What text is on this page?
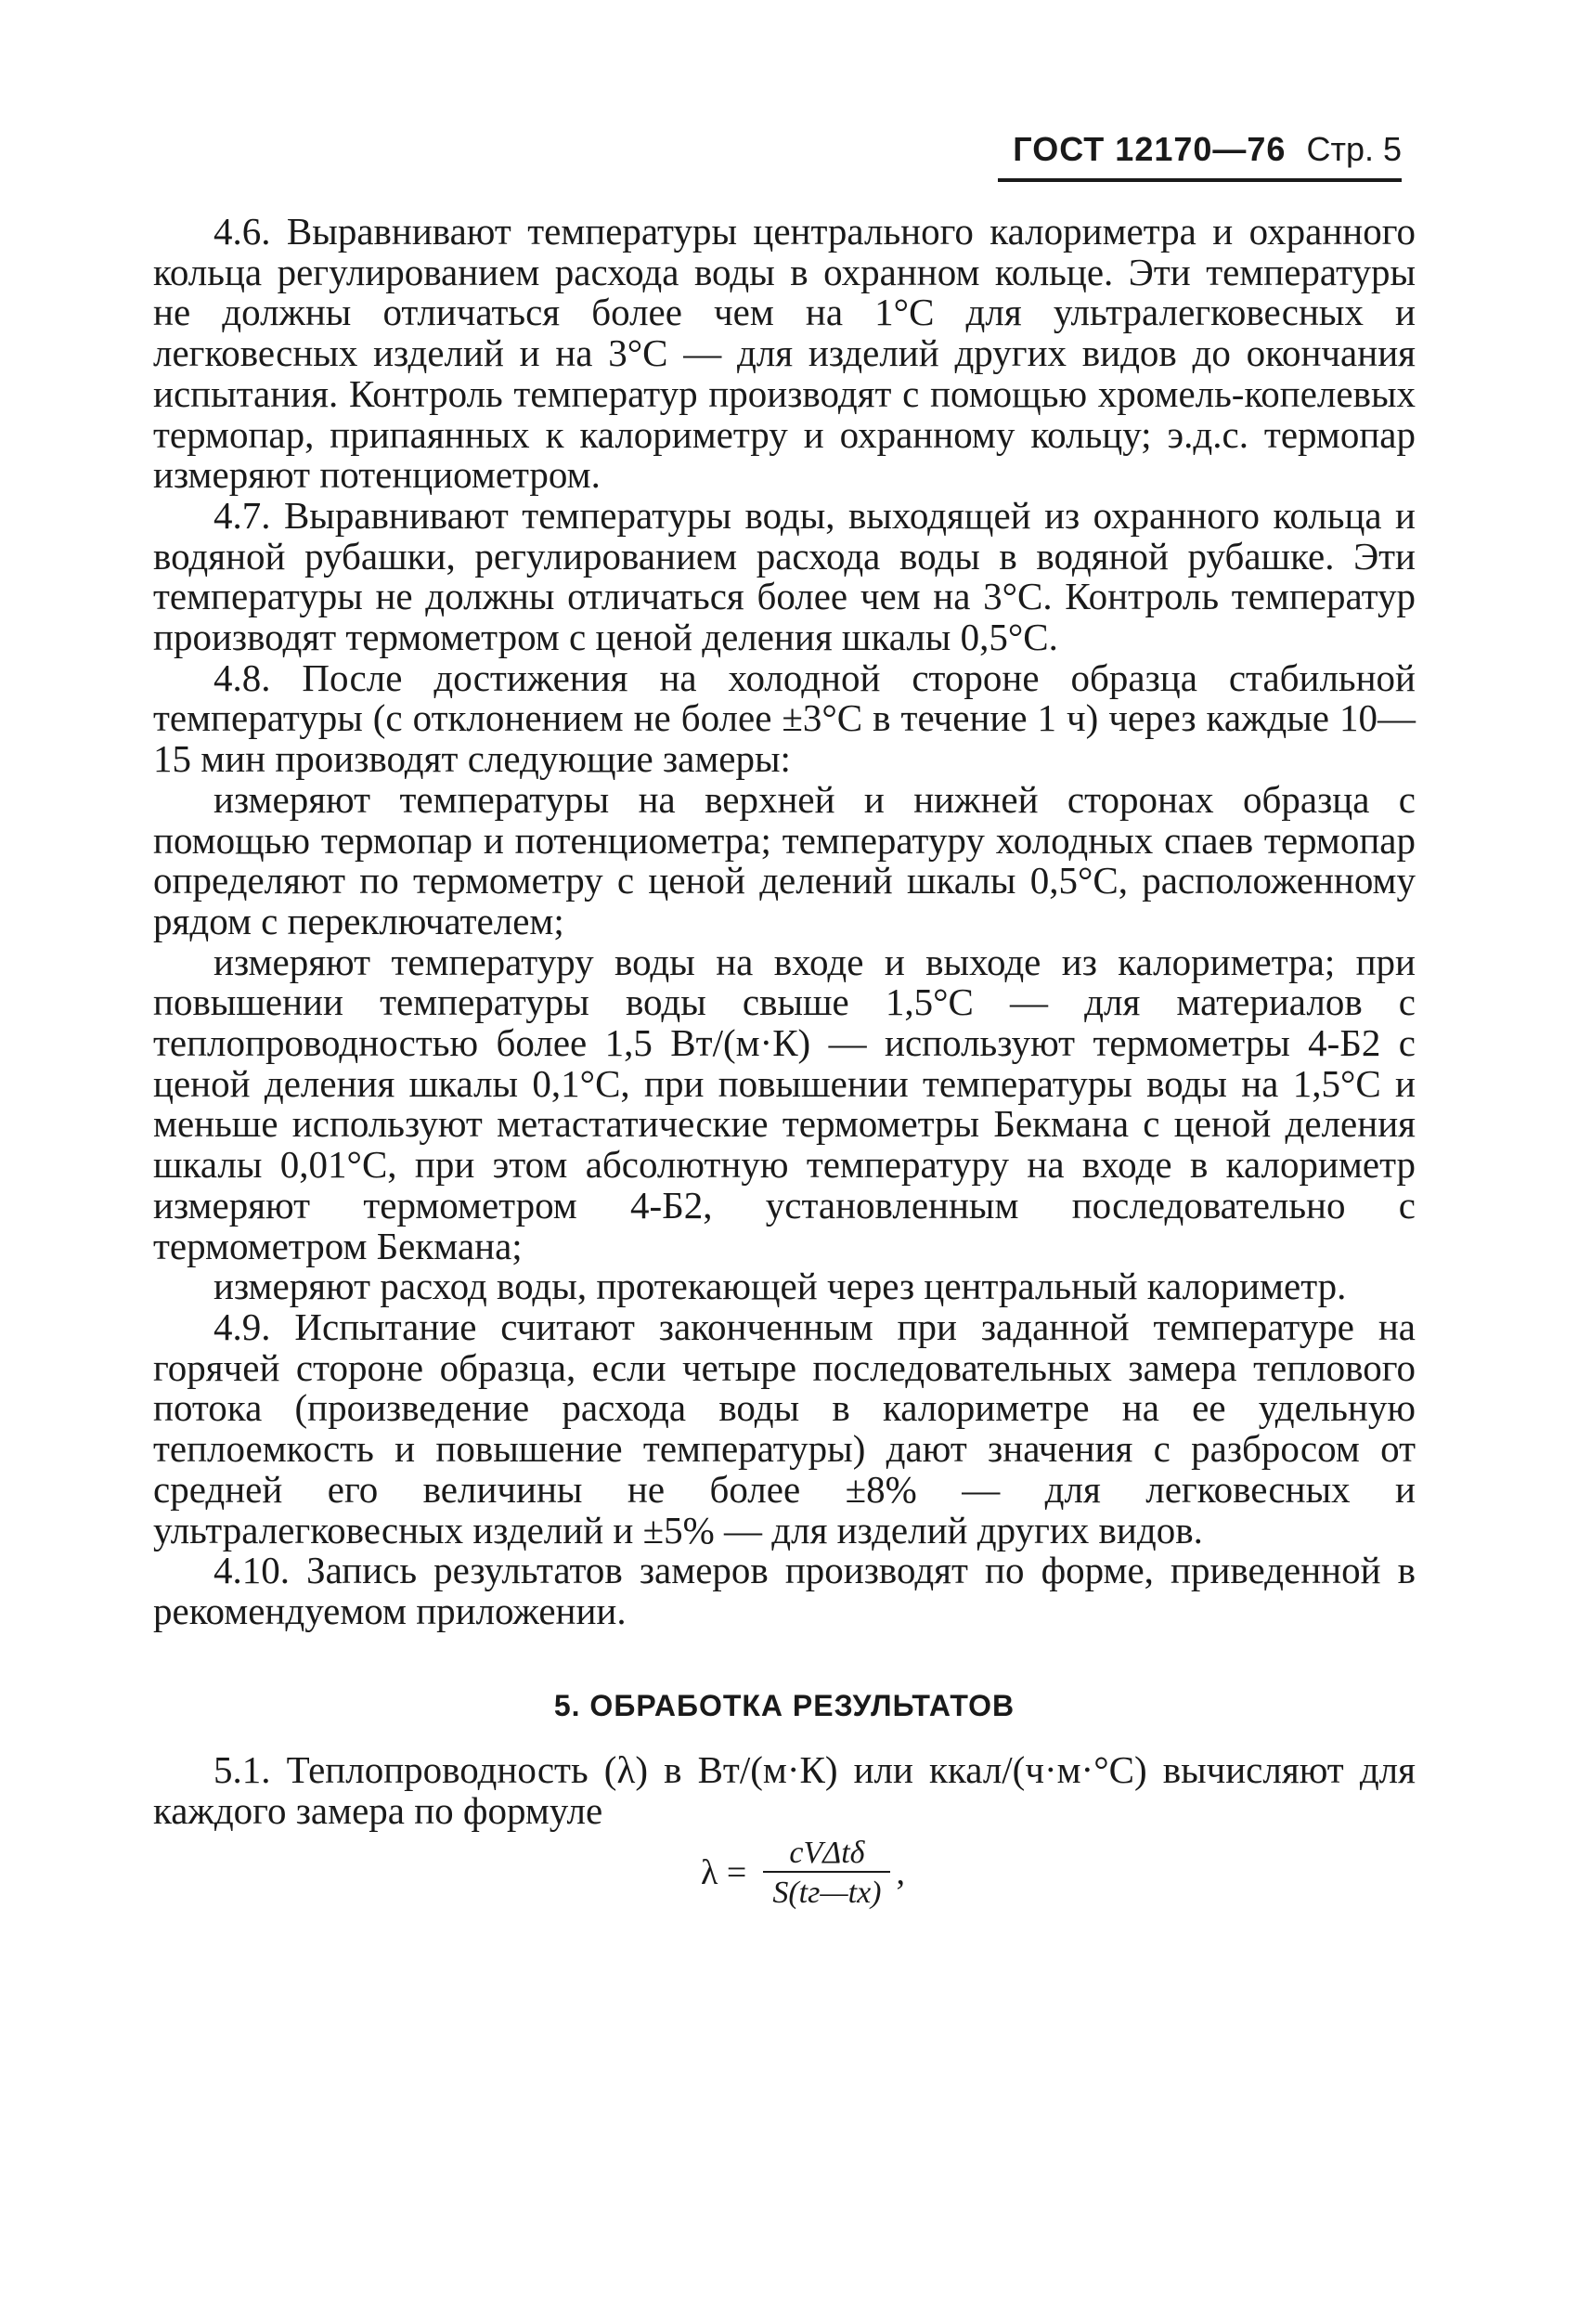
ГОСТ 12170—76 Стр. 5

4.6. Выравнивают температуры центрального калориметра и охранного кольца регулированием расхода воды в охранном кольце. Эти температуры не должны отличаться более чем на 1°С для ультралегковесных и легковесных изделий и на 3°С — для изделий других видов до окончания испытания. Контроль температур производят с помощью хромель-копелевых термопар, припаянных к калориметру и охранному кольцу; э.д.с. термопар измеряют потенциометром.

4.7. Выравнивают температуры воды, выходящей из охранного кольца и водяной рубашки, регулированием расхода воды в водяной рубашке. Эти температуры не должны отличаться более чем на 3°С. Контроль температур производят термометром с ценой деления шкалы 0,5°С.

4.8. После достижения на холодной стороне образца стабильной температуры (с отклонением не более ±3°С в течение 1 ч) через каждые 10—15 мин производят следующие замеры:

измеряют температуры на верхней и нижней сторонах образца с помощью термопар и потенциометра; температуру холодных спаев термопар определяют по термометру с ценой делений шкалы 0,5°С, расположенному рядом с переключателем;

измеряют температуру воды на входе и выходе из калориметра; при повышении температуры воды свыше 1,5°С — для материалов с теплопроводностью более 1,5 Вт/(м·К) — используют термометры 4-Б2 с ценой деления шкалы 0,1°С, при повышении температуры воды на 1,5°С и меньше используют метастатические термометры Бекмана с ценой деления шкалы 0,01°С, при этом абсолютную температуру на входе в калориметр измеряют термометром 4-Б2, установленным последовательно с термометром Бекмана;

измеряют расход воды, протекающей через центральный калориметр.

4.9. Испытание считают законченным при заданной температуре на горячей стороне образца, если четыре последовательных замера теплового потока (произведение расхода воды в калориметре на ее удельную теплоемкость и повышение температуры) дают значения с разбросом от средней его величины не более ±8% — для легковесных и ультралегковесных изделий и ±5% — для изделий других видов.

4.10. Запись результатов замеров производят по форме, приведенной в рекомендуемом приложении.

5. ОБРАБОТКА РЕЗУЛЬТАТОВ

5.1. Теплопроводность (λ) в Вт/(м·К) или ккал/(ч·м·°С) вычисляют для каждого замера по формуле

$\lambda = \frac{\text{cVΔtδ}}{S(tг—tх)}$ ,
